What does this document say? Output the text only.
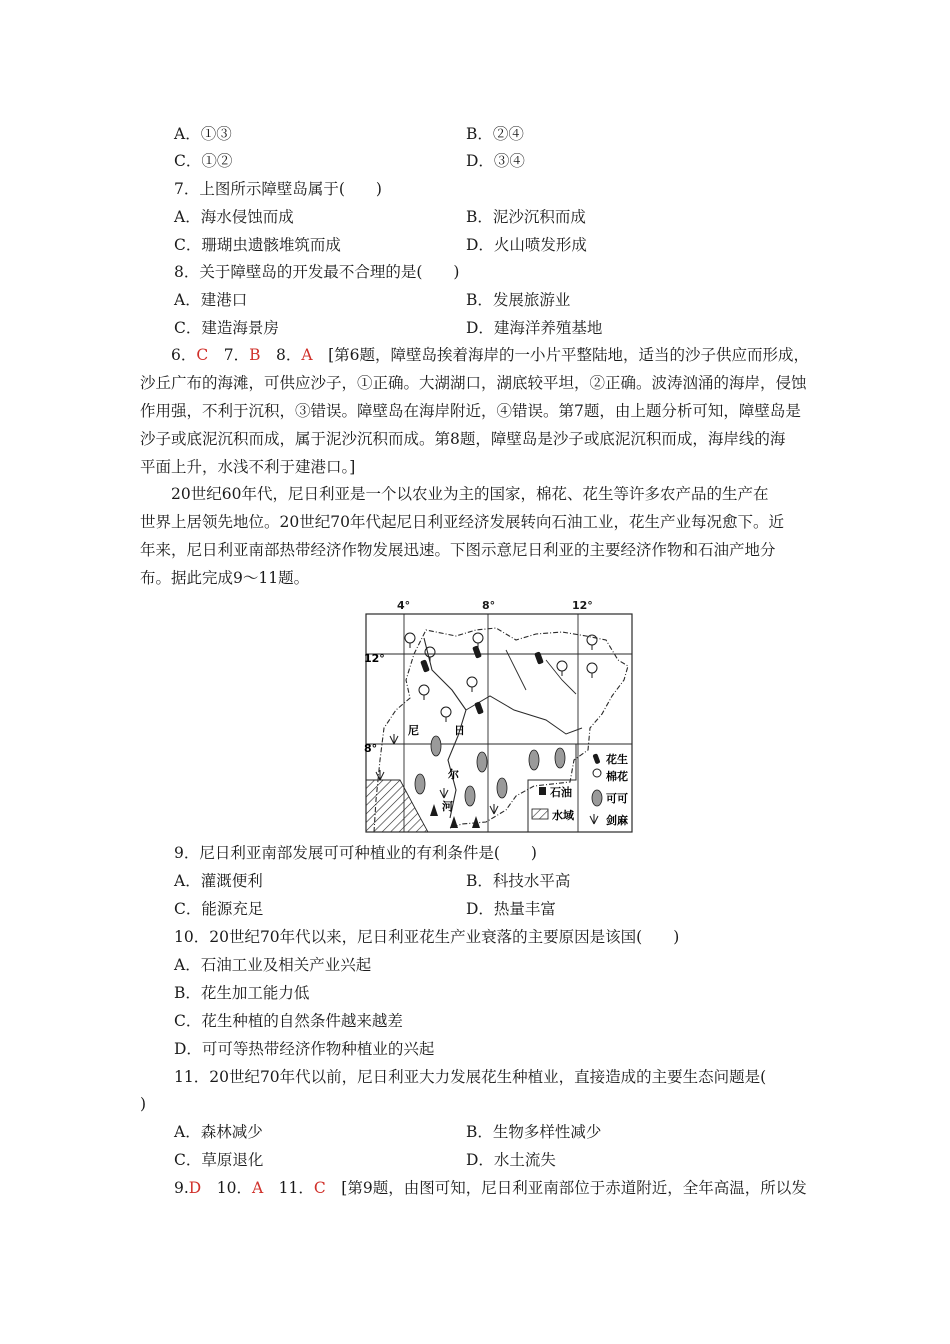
A．①③	B．②④
C．①②	D．③④
7．上图所示障壁岛属于(　　)
A．海水侵蚀而成	B．泥沙沉积而成
C．珊瑚虫遗骸堆筑而成	D．火山喷发形成
8．关于障壁岛的开发最不合理的是(　　)
A．建港口	B．发展旅游业
C．建造海景房	D．建海洋养殖基地

6．C　7．B　8．A　[第6题，障壁岛挨着海岸的一小片平整陆地，适当的沙子供应而形成，

沙丘广布的海滩，可供应沙子，①正确。大湖湖口，湖底较平坦，②正确。波涛汹涌的海岸，侵蚀

作用强，不利于沉积，③错误。障壁岛在海岸附近，④错误。第7题，由上题分析可知，障壁岛是

沙子或底泥沉积而成，属于泥沙沉积而成。第8题，障壁岛是沙子或底泥沉积而成，海岸线的海

平面上升，水浅不利于建港口。]

20世纪60年代，尼日利亚是一个以农业为主的国家，棉花、花生等许多农产品的生产在

世界上居领先地位。20世纪70年代起尼日利亚经济发展转向石油工业，花生产业每况愈下。近

年来，尼日利亚南部热带经济作物发展迅速。下图示意尼日利亚的主要经济作物和石油产地分

布。据此完成9～11题。

12°
8°
尼	日
尔
河
花生
棉花
石油	可可
水域	剑麻
4°	8°	12°
9．尼日利亚南部发展可可种植业的有利条件是(　　)
A．灌溉便利	B．科技水平高
C．能源充足	D．热量丰富
10．20世纪70年代以来，尼日利亚花生产业衰落的主要原因是该国(　　)
A．石油工业及相关产业兴起
B．花生加工能力低
C．花生种植的自然条件越来越差
D．可可等热带经济作物种植业的兴起
11．20世纪70年代以前，尼日利亚大力发展花生种植业，直接造成的主要生态问题是(
)
A．森林减少	B．生物多样性减少
C．草原退化	D．水土流失
9.D　10．A　11．C　[第9题，由图可知，尼日利亚南部位于赤道附近，全年高温，所以发
